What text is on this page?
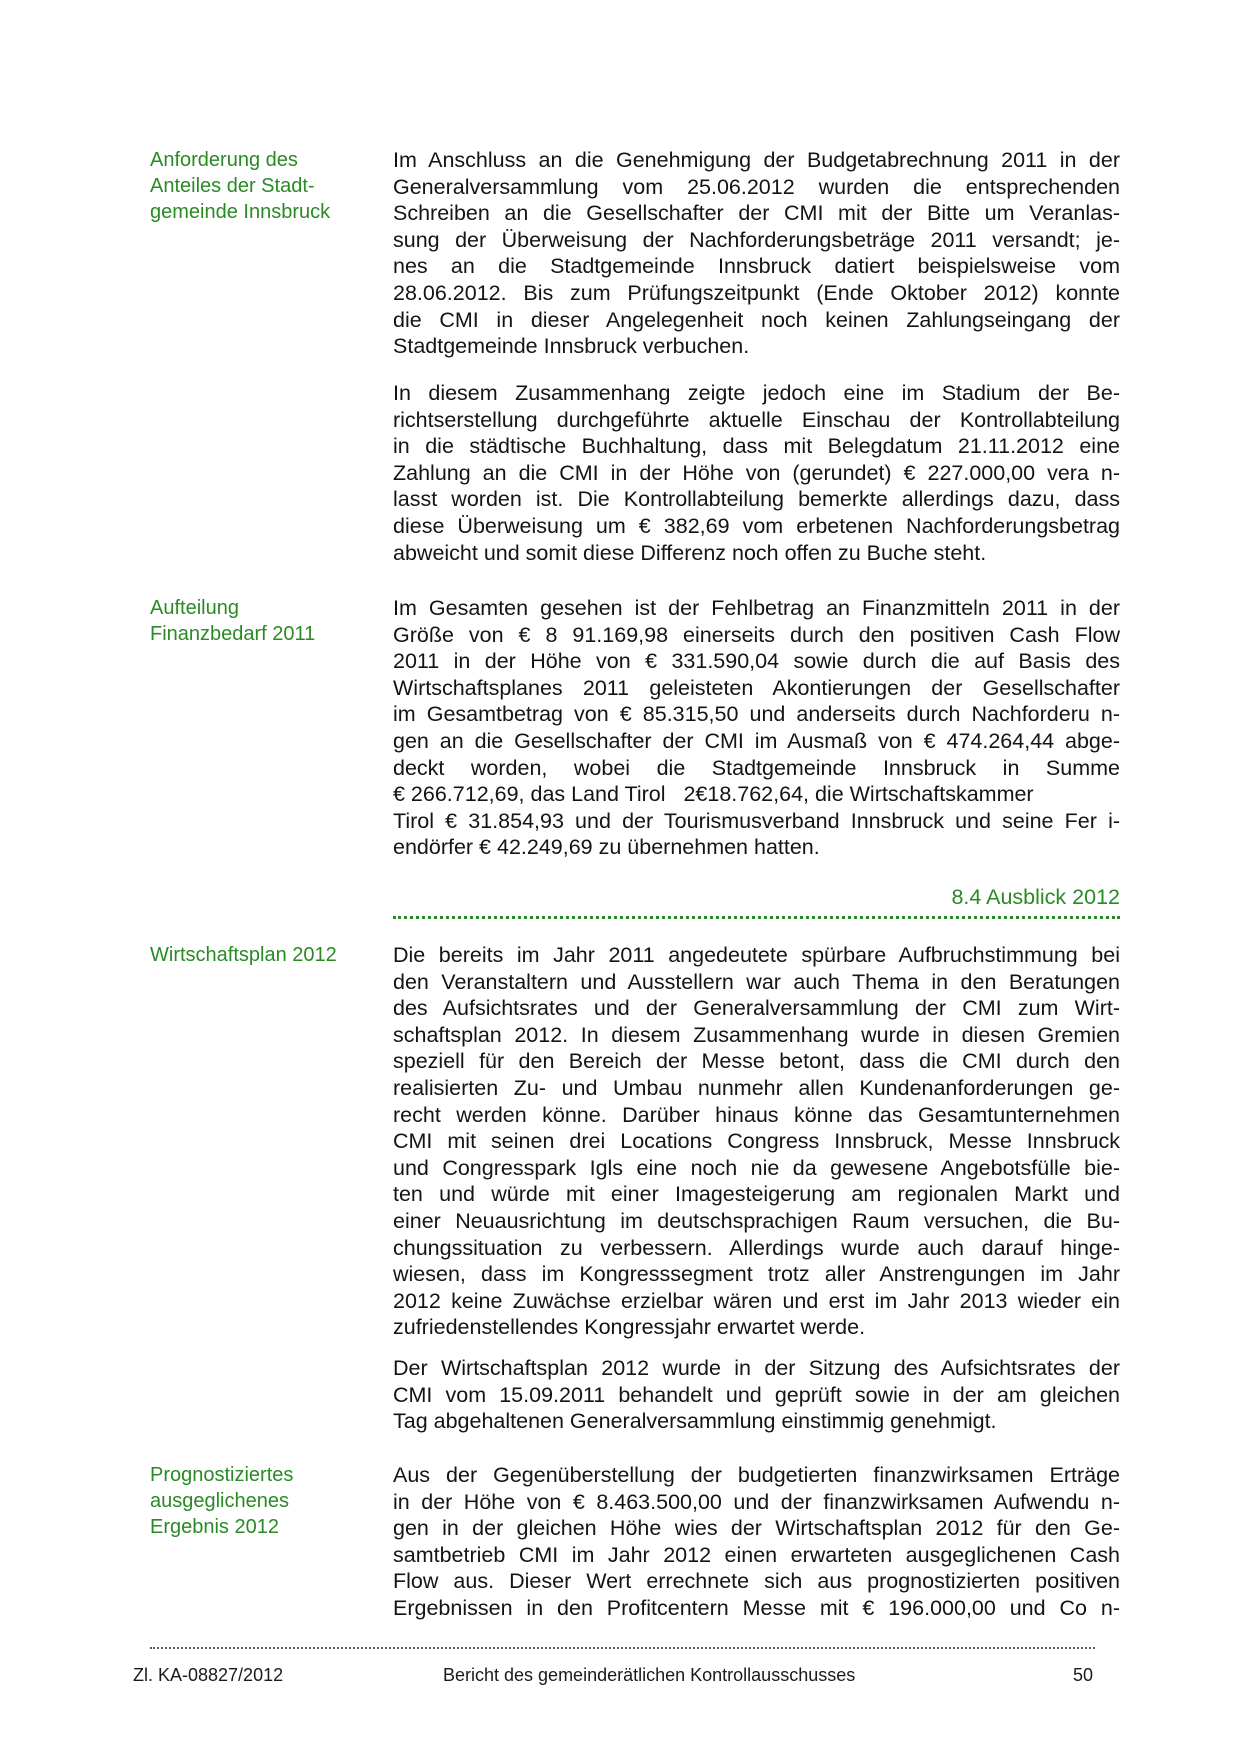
Anforderung des
Anteiles der Stadt-
gemeinde Innsbruck
Aufteilung
Finanzbedarf 2011
Wirtschaftsplan 2012
Prognostiziertes
ausgeglichenes
Ergebnis 2012
Im Anschluss an die Genehmigung der Budgetabrechnung 2011 in der
Generalversammlung vom 25.06.2012 wurden die entsprechenden
Schreiben an die Gesellschafter der CMI mit der Bitte um Veranlas-
sung der Überweisung der Nachforderungsbeträge 2011 versandt; je-
nes an die Stadtgemeinde Innsbruck datiert beispielsweise vom
28.06.2012. Bis zum Prüfungszeitpunkt (Ende Oktober 2012) konnte
die CMI in dieser Angelegenheit noch keinen Zahlungseingang der
Stadtgemeinde Innsbruck verbuchen.
In diesem Zusammenhang zeigte jedoch eine im Stadium der Be-
richtserstellung durchgeführte aktuelle Einschau der Kontrollabteilung
in die städtische Buchhaltung, dass mit Belegdatum 21.11.2012 eine
Zahlung an die CMI in der Höhe von (gerundet) € 227.000,00 vera n-
lasst worden ist. Die Kontrollabteilung bemerkte allerdings dazu, dass
diese Überweisung um € 382,69 vom erbetenen Nachforderungsbetrag
abweicht und somit diese Differenz noch offen zu Buche steht.
Im Gesamten gesehen ist der Fehlbetrag an Finanzmitteln 2011 in der
Größe von € 8 91.169,98 einerseits durch den positiven Cash Flow
2011 in der Höhe von € 331.590,04 sowie durch die auf Basis des
Wirtschaftsplanes 2011 geleisteten Akontierungen der Gesellschafter
im Gesamtbetrag von € 85.315,50 und anderseits durch Nachforderu n-
gen an die Gesellschafter der CMI im Ausmaß von € 474.264,44 abge-
deckt worden, wobei die Stadtgemeinde Innsbruck in Summe
€ 266.712,69, das Land Tirol   2€18.762,64, die Wirtschaftskammer
Tirol € 31.854,93 und der Tourismusverband Innsbruck und seine Fer i-
endörfer € 42.249,69 zu übernehmen hatten.
8.4 Ausblick 2012
Die bereits im Jahr 2011 angedeutete spürbare Aufbruchstimmung bei
den Veranstaltern und Ausstellern war auch Thema in den Beratungen
des Aufsichtsrates und der Generalversammlung der CMI zum Wirt-
schaftsplan 2012. In diesem Zusammenhang wurde in diesen Gremien
speziell für den Bereich der Messe betont, dass die CMI durch den
realisierten Zu- und Umbau nunmehr allen Kundenanforderungen ge-
recht werden könne. Darüber hinaus könne das Gesamtunternehmen
CMI mit seinen drei Locations Congress Innsbruck, Messe Innsbruck
und Congresspark Igls eine noch nie da gewesene Angebotsfülle bie-
ten und würde mit einer Imagesteigerung am regionalen Markt und
einer Neuausrichtung im deutschsprachigen Raum versuchen, die Bu-
chungssituation zu verbessern. Allerdings wurde auch darauf hinge-
wiesen, dass im Kongresssegment trotz aller Anstrengungen im Jahr
2012 keine Zuwächse erzielbar wären und erst im Jahr 2013 wieder ein
zufriedenstellendes Kongressjahr erwartet werde.
Der Wirtschaftsplan 2012 wurde in der Sitzung des Aufsichtsrates der
CMI vom 15.09.2011 behandelt und geprüft sowie in der am gleichen
Tag abgehaltenen Generalversammlung einstimmig genehmigt.
Aus der Gegenüberstellung der budgetierten finanzwirksamen Erträge
in der Höhe von € 8.463.500,00 und der finanzwirksamen Aufwendu n-
gen in der gleichen Höhe wies der Wirtschaftsplan 2012 für den Ge-
samtbetrieb CMI im Jahr 2012 einen erwarteten ausgeglichenen Cash
Flow aus. Dieser Wert errechnete sich aus prognostizierten positiven
Ergebnissen in den Profitcentern Messe mit € 196.000,00 und Co n-
Zl. KA-08827/2012	Bericht des gemeinderätlichen Kontrollausschusses	50
